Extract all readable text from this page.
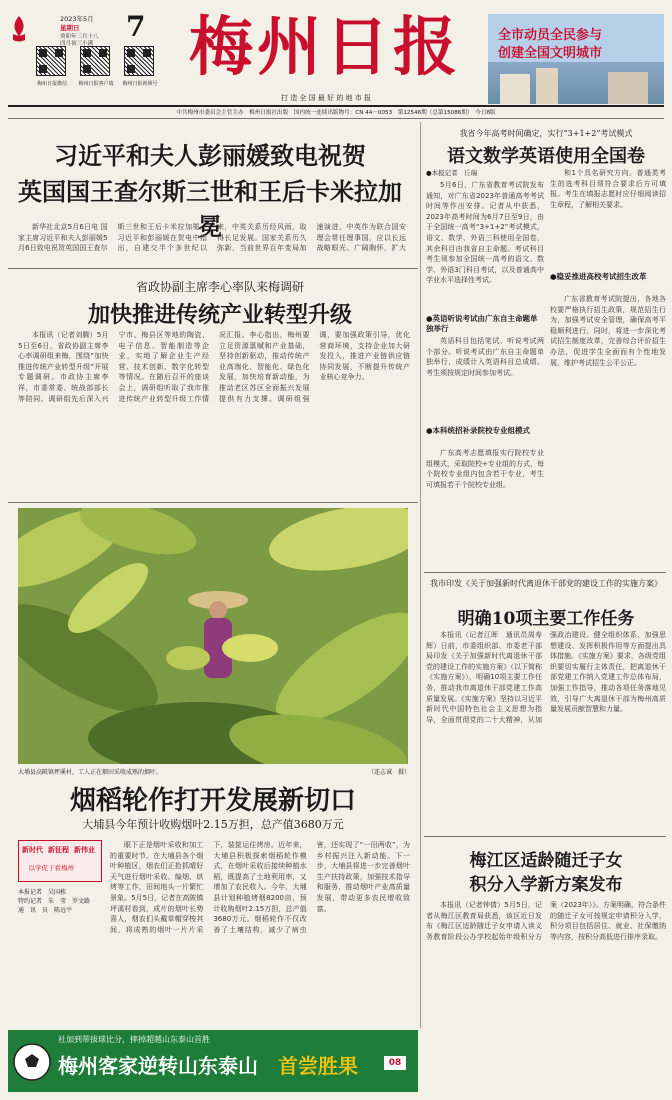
梅州日报微信	梅州日报客户端	梅州日报视频号
2023年5月
星期日
癸卯年三月十八
四月初三小满
7 梅州日报
打 造 全 国 最 好 的 地 市 报
全市动员全民参与
创建全国文明城市
中共梅州市委员会主管主办　梅州日报社出版　国内统一连续出版物号：CN 44－0053　第12546期（总第15086期）　今日8版
习近平和夫人彭丽媛致电祝贺
英国国王查尔斯三世和王后卡米拉加冕
新华社北京5月6日电 国家主席习近平和夫人彭丽媛5月6日致电祝贺英国国王查尔斯三世和王后卡米拉加冕。习近平和彭丽媛在贺电中指出，自建交半个多世纪以来，中英关系历经风雨，取得长足发展。国家关系历久弥新，当前世界百年变局加速演进，中英作为联合国安理会常任理事国，应以长远战略眼光、广阔胸怀，扩大
省政协副主席李心率队来梅调研
加快推进传统产业转型升级
本报讯（记者刘腾）5月5日至6日，省政协副主席李心率调研组来梅，围绕“加快推进传统产业转型升级”开展专题调研。市政协主席李祥，市委常委、统战部部长等陪同。调研组先后深入兴宁市、梅县区等地的陶瓷、电子信息、智能制造等企业，实地了解企业生产经营、技术创新、数字化转型等情况。在随后召开的座谈会上，调研组听取了我市推进传统产业转型升级工作情况汇报。李心指出，梅州要立足资源禀赋和产业基础，坚持创新驱动，推动传统产业高端化、智能化、绿色化发展，加快培育新动能，为推动老区苏区全面振兴发展提供有力支撑。调研组强调，要加强政策引导，优化营商环境，支持企业加大研发投入，推进产业链供应链协同发展，不断提升传统产业核心竞争力。
大埔县高陂镇坪溪村，工人正在烟田采收成熟的烟叶。	（连志诚　摄）
烟稻轮作打开发展新切口
大埔县今年预计收购烟叶2.15万担，总产值3680万元
新时代 新征程 新伟业
　以学促干看梅州
本报记者　吴国栋
特约记者　朱　莹　罗文路
通　讯　员　陈远平
眼下正是烟叶采收和加工的重要时节。在大埔县各个烟叶种植区，烟农们正抢抓晴好天气进行烟叶采收、编烟、烘烤等工作，田间地头一片繁忙景象。5月5日，记者在高陂镇坪溪村看到，成片的烟叶长势喜人，烟农们头戴草帽穿梭其间，将成熟的烟叶一片片采下，装筐运往烤房。近年来，大埔县积极探索烟稻轮作模式，在烟叶采收后接续种植水稻，既提高了土地利用率，又增加了农民收入。今年，大埔县计划种植烤烟8200亩，预计收购烟叶2.15万担，总产值3680万元。烟稻轮作不仅改善了土壤结构，减少了病虫害，还实现了“一田两收”，为乡村振兴注入新动能。下一步，大埔县将进一步完善烟叶生产扶持政策，加强技术指导和服务，推动烟叶产业高质量发展，带动更多农民增收致富。
我省今年高考时间确定，实行“3+1+2”考试模式
语文数学英语使用全国卷
●本报记者　丘瑞
5月6日，广东省教育考试院发布通知，对广东省2023年普通高考考试时间等作出安排。记者从中获悉，2023年高考时间为6月7日至9日，由于全国统一高考“3+1+2”考试模式，语文、数学、外语三科使用全国卷，其余科目由我省自主命题。考试科目考生须参加全国统一高考的语文、数学、外语3门科目考试，以及普通高中学业水平选择性考试。
●英语听说考试由广东自主命题单独举行
英语科目包括笔试、听说考试两个部分。听说考试由广东自主命题单独举行，成绩计入英语科目总成绩。考生须按规定时间参加考试。
●本科统招补录院校专业组模式
广东高考志愿填报实行院校专业组模式，采取院校+专业组的方式，每个院校专业组内包含若干专业，考生可填报若干个院校专业组。
和1个具名研究方向。普通类考生的选考科目须符合要求后方可填报。考生在填报志愿时应仔细阅读招生章程，了解相关要求。
●稳妥推进高校考试招生改革
广东省教育考试院提出，各地各校要严格执行招生政策，规范招生行为，加强考试安全管理，确保高考平稳顺利进行。同时，将进一步深化考试招生制度改革，完善综合评价招生办法，促进学生全面而有个性地发展，维护考试招生公平公正。
我市印发《关于加强新时代离退休干部党的建设工作的实施方案》
明确10项主要工作任务
本报讯（记者江晖　通讯员周寿辉）日前，市委组织部、市委老干部局印发《关于加强新时代离退休干部党的建设工作的实施方案》（以下简称《实施方案》），明确10项主要工作任务，推动我市离退休干部党建工作高质量发展。《实施方案》坚持以习近平新时代中国特色社会主义思想为指导，全面贯彻党的二十大精神，从加强政治建设、健全组织体系、加强思想建设、发挥积极作用等方面提出具体措施。《实施方案》要求，各级党组织要切实履行主体责任，把离退休干部党建工作纳入党建工作总体布局，加强工作指导，推动各项任务落地见效，引导广大离退休干部为梅州高质量发展贡献智慧和力量。
梅江区适龄随迁子女
积分入学新方案发布
本报讯（记者钟倩）5月5日，记者从梅江区教育局获悉，该区近日发布《梅江区适龄随迁子女申请入读义务教育阶段公办学校起始年级积分方案（2023年）》。方案明确，符合条件的随迁子女可按规定申请积分入学，积分项目包括居住、就业、社保缴纳等内容，按积分高低进行排序录取。
社加到带拔球比分，摔掉超越山东泰山首胜
梅州客家逆转山东泰山 首尝胜果	08
